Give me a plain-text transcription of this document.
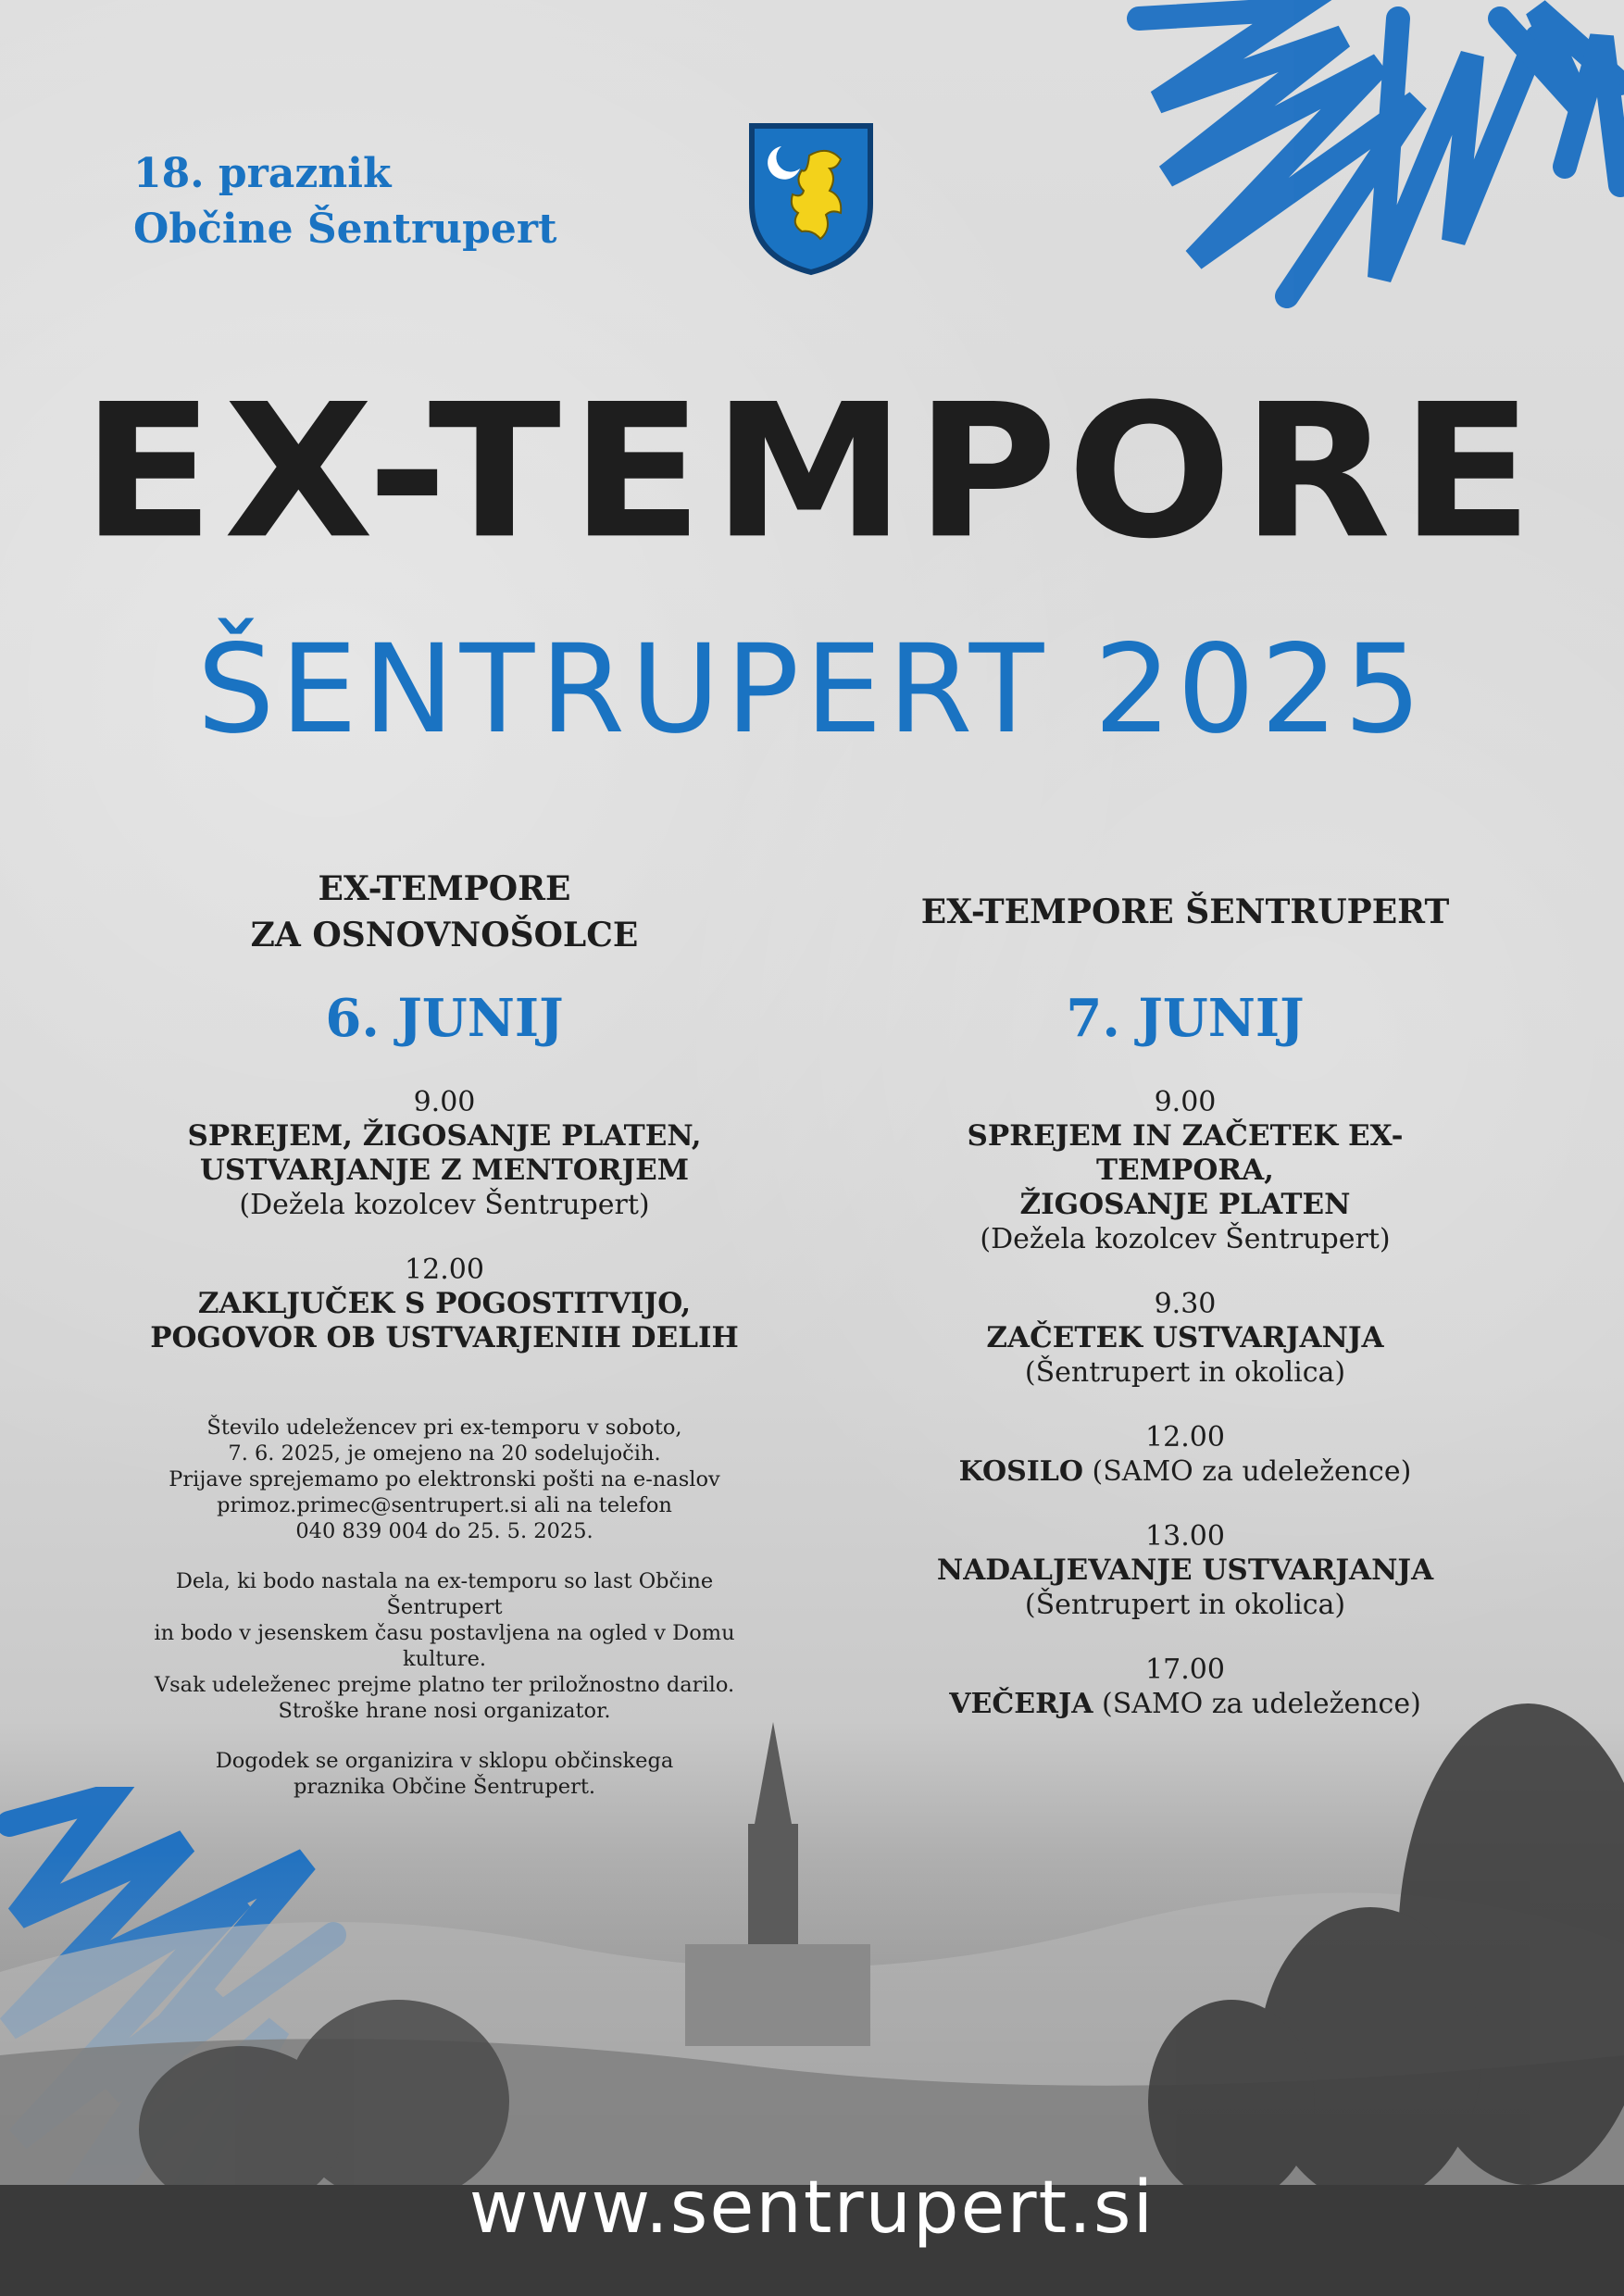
18. praznik
Občine Šentrupert
EX-TEMPORE
ŠENTRUPERT 2025
EX-TEMPORE
ZA OSNOVNOŠOLCE
6. JUNIJ
9.00
SPREJEM, ŽIGOSANJE PLATEN,
USTVARJANJE Z MENTORJEM
(Dežela kozolcev Šentrupert)
12.00
ZAKLJUČEK S POGOSTITVIJO,
POGOVOR OB USTVARJENIH DELIH
Število udeležencev pri ex-temporu v soboto,
7. 6. 2025, je omejeno na 20 sodelujočih.
Prijave sprejemamo po elektronski pošti na e-naslov
primoz.primec@sentrupert.si ali na telefon
040 839 004 do 25. 5. 2025.
Dela, ki bodo nastala na ex-temporu so last Občine Šentrupert
in bodo v jesenskem času postavljena na ogled v Domu kulture.
Vsak udeleženec prejme platno ter priložnostno darilo.
Stroške hrane nosi organizator.
Dogodek se organizira v sklopu občinskega
praznika Občine Šentrupert.
EX-TEMPORE ŠENTRUPERT
7. JUNIJ
9.00
SPREJEM IN ZAČETEK EX-TEMPORA,
ŽIGOSANJE PLATEN
(Dežela kozolcev Šentrupert)
9.30
ZAČETEK USTVARJANJA
(Šentrupert in okolica)
12.00
KOSILO (SAMO za udeležence)
13.00
NADALJEVANJE USTVARJANJA
(Šentrupert in okolica)
17.00
VEČERJA (SAMO za udeležence)
www.sentrupert.si
